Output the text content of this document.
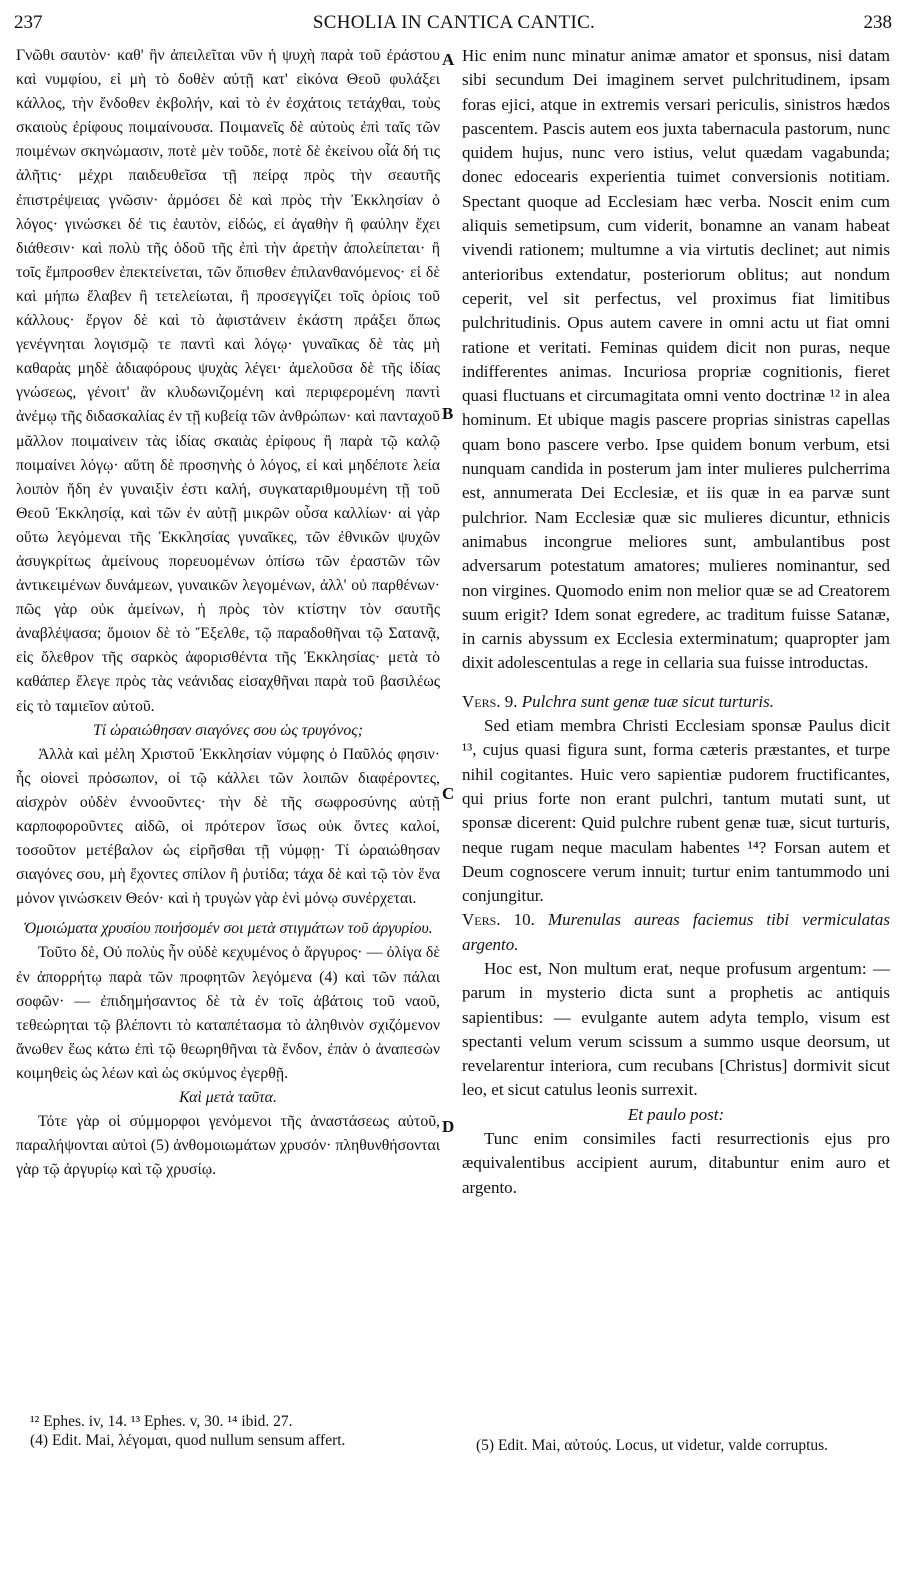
237	SCHOLIA IN CANTICA CANTIC.	238

Γνῶθι σαυτὸν· καθ' ἣν ἀπειλεῖται νῦν ἡ ψυχὴ παρὰ τοῦ ἐράστου καὶ νυμφίου, εἰ μὴ τὸ δοθὲν αὐτῇ κατ' εἰκόνα Θεοῦ φυλάξει κάλλος, τὴν ἔνδοθεν ἐκβολήν, καὶ τὸ ἐν ἐσχάτοις τετάχθαι, τοὺς σκαιοὺς ἐρίφους ποιμαίνουσα. Ποιμανεῖς δὲ αὐτοὺς ἐπὶ ταῖς τῶν ποιμένων σκηνώμασιν, ποτὲ μὲν τοῦδε, ποτὲ δὲ ἐκείνου οἷά δή τις ἀλῆτις· μέχρι παιδευθεῖσα τῇ πείρᾳ πρὸς τὴν σεαυτῆς ἐπιστρέψειας γνῶσιν· ἁρμόσει δὲ καὶ πρὸς τὴν Ἐκκλησίαν ὁ λόγος· γινώσκει δέ τις ἑαυτὸν, εἰδώς, εἰ ἀγαθὴν ἢ φαύλην ἔχει διάθεσιν· καὶ πολὺ τῆς ὁδοῦ τῆς ἐπὶ τὴν ἀρετὴν ἀπολείπεται· ἢ τοῖς ἔμπροσθεν ἐπεκτείνεται, τῶν ὄπισθεν ἐπιλανθανόμενος· εἰ δὲ καὶ μήπω ἔλαβεν ἢ τετελείωται, ἢ προσεγγίζει τοῖς ὁρίοις τοῦ κάλλους· ἔργον δὲ καὶ τὸ ἀφιστάνειν ἑκάστη πράξει ὅπως γενέγνηται λογισμῷ τε παντὶ καὶ λόγῳ· γυναῖκας δὲ τὰς μὴ καθαρὰς μηδὲ ἀδιαφόρους ψυχὰς λέγει· ἀμελοῦσα δὲ τῆς ἰδίας γνώσεως, γένοιτ' ἂν κλυδωνιζομένη καὶ περιφερομένη παντὶ ἀνέμῳ τῆς διδασκαλίας ἐν τῇ κυβείᾳ τῶν ἀνθρώπων· καὶ πανταχοῦ μᾶλλον ποιμαίνειν τὰς ἰδίας σκαιὰς ἐρίφους ἢ παρὰ τῷ καλῷ ποιμαίνει λόγῳ· αὕτη δὲ προσηνὴς ὁ λόγος, εἰ καὶ μηδέποτε λεία λοιπὸν ἤδη ἐν γυναιξὶν ἐστι καλή, συγκαταριθμουμένη τῇ τοῦ Θεοῦ Ἐκκλησίᾳ, καὶ τῶν ἐν αὐτῇ μικρῶν οὖσα καλλίων· αἱ γὰρ οὕτω λεγόμεναι τῆς Ἐκκλησίας γυναῖκες, τῶν ἐθνικῶν ψυχῶν ἀσυγκρίτως ἀμείνους πορευομένων ὀπίσω τῶν ἐραστῶν τῶν ἀντικειμένων δυνάμεων, γυναικῶν λεγομένων, ἀλλ' οὐ παρθένων· πῶς γὰρ οὐκ ἀμείνων, ἡ πρὸς τὸν κτίστην τὸν σαυτῆς ἀναβλέψασα; ὅμοιον δὲ τὸ Ἔξελθε, τῷ παραδοθῆναι τῷ Σατανᾷ, εἰς ὄλεθρον τῆς σαρκὸς ἀφορισθέντα τῆς Ἐκκλησίας· μετὰ τὸ καθάπερ ἔλεγε πρὸς τὰς νεάνιδας εἰσαχθῆναι παρὰ τοῦ βασιλέως εἰς τὸ ταμιεῖον αὐτοῦ.

Τί ὡραιώθησαν σιαγόνες σου ὡς τρυγόνος;

Ἀλλὰ καὶ μέλη Χριστοῦ Ἐκκλησίαν νύμφης ὁ Παῦλός φησιν· ἧς οἱονεὶ πρόσωπον, οἱ τῷ κάλλει τῶν λοιπῶν διαφέροντες, αἰσχρὸν οὐδὲν ἐννοοῦντες· τὴν δὲ τῆς σωφροσύνης αὐτῇ καρποφοροῦντες αἰδῶ, οἱ πρότερον ἴσως οὐκ ὄντες καλοί, τοσοῦτον μετέβαλον ὡς εἰρῆσθαι τῇ νύμφῃ· Τί ὡραιώθησαν σιαγόνες σου, μὴ ἔχοντες σπίλον ἢ ῥυτίδα; τάχα δὲ καὶ τῷ τὸν ἕνα μόνον γινώσκειν Θεόν· καὶ ἡ τρυγὼν γὰρ ἑνὶ μόνῳ συνέρχεται.

Ὁμοιώματα χρυσίου ποιήσομέν σοι μετὰ στιγμάτων τοῦ ἀργυρίου.

Τοῦτο δὲ, Οὐ πολὺς ἦν οὐδὲ κεχυμένος ὁ ἄργυρος· — ὀλίγα δὲ ἐν ἀπορρήτῳ παρὰ τῶν προφητῶν λεγόμενα (4) καὶ τῶν πάλαι σοφῶν· — ἐπιδημήσαντος δὲ τὰ ἐν τοῖς ἀβάτοις τοῦ ναοῦ, τεθεώρηται τῷ βλέποντι τὸ καταπέτασμα τὸ ἀληθινὸν σχιζόμενον ἄνωθεν ἕως κάτω ἐπὶ τῷ θεωρηθῆναι τὰ ἔνδον, ἐπὰν ὁ ἀναπεσὼν κοιμηθεὶς ὡς λέων καὶ ὡς σκύμνος ἐγερθῇ.

Καὶ μετὰ ταῦτα.

Τότε γὰρ οἱ σύμμορφοι γενόμενοι τῆς ἀναστάσεως αὐτοῦ, παραλήψονται αὐτοὶ (5) ἀνθομοιωμάτων χρυσόν· πληθυνθήσονται γὰρ τῷ ἀργυρίῳ καὶ τῷ χρυσίῳ.

A
B
C
D

Hic enim nunc minatur animæ amator et sponsus, nisi datam sibi secundum Dei imaginem servet pulchritudinem, ipsam foras ejici, atque in extremis versari periculis, sinistros hædos pascentem. Pascis autem eos juxta tabernacula pastorum, nunc quidem hujus, nunc vero istius, velut quædam vagabunda; donec edocearis experientia tuimet conversionis notitiam. Spectant quoque ad Ecclesiam hæc verba. Noscit enim cum aliquis semetipsum, cum viderit, bonamne an vanam habeat vivendi rationem; multumne a via virtutis declinet; aut nimis anterioribus extendatur, posteriorum oblitus; aut nondum ceperit, vel sit perfectus, vel proximus fiat limitibus pulchritudinis. Opus autem cavere in omni actu ut fiat omni ratione et veritati. Feminas quidem dicit non puras, neque indifferentes animas. Incuriosa propriæ cognitionis, fieret quasi fluctuans et circumagitata omni vento doctrinæ ¹² in alea hominum. Et ubique magis pascere proprias sinistras capellas quam bono pascere verbo. Ipse quidem bonum verbum, etsi nunquam candida in posterum jam inter mulieres pulcherrima est, annumerata Dei Ecclesiæ, et iis quæ in ea parvæ sunt pulchrior. Nam Ecclesiæ quæ sic mulieres dicuntur, ethnicis animabus incongrue meliores sunt, ambulantibus post adversarum potestatum amatores; mulieres nominantur, sed non virgines. Quomodo enim non melior quæ se ad Creatorem suum erigit? Idem sonat egredere, ac traditum fuisse Satanæ, in carnis abyssum ex Ecclesia exterminatum; quapropter jam dixit adolescentulas a rege in cellaria sua fuisse introductas.

Vers. 9. Pulchra sunt genæ tuæ sicut turturis.

Sed etiam membra Christi Ecclesiam sponsæ Paulus dicit ¹³, cujus quasi figura sunt, forma cæteris præstantes, et turpe nihil cogitantes. Huic vero sapientiæ pudorem fructificantes, qui prius forte non erant pulchri, tantum mutati sunt, ut sponsæ dicerent: Quid pulchre rubent genæ tuæ, sicut turturis, neque rugam neque maculam habentes ¹⁴? Forsan autem et Deum cognoscere verum innuit; turtur enim tantummodo uni conjungitur.

Vers. 10. Murenulas aureas faciemus tibi vermiculatas argento.

Hoc est, Non multum erat, neque profusum argentum: — parum in mysterio dicta sunt a prophetis ac antiquis sapientibus: — evulgante autem adyta templo, visum est spectanti velum verum scissum a summo usque deorsum, ut revelarentur interiora, cum recubans [Christus] dormivit sicut leo, et sicut catulus leonis surrexit.

Et paulo post:

Tunc enim consimiles facti resurrectionis ejus pro æquivalentibus accipient aurum, ditabuntur enim auro et argento.

¹² Ephes. iv, 14. ¹³ Ephes. v, 30. ¹⁴ ibid. 27.

(4) Edit. Mai, λέγομαι, quod nullum sensum affert.	(5) Edit. Mai, αὐτούς. Locus, ut videtur, valde corruptus.
